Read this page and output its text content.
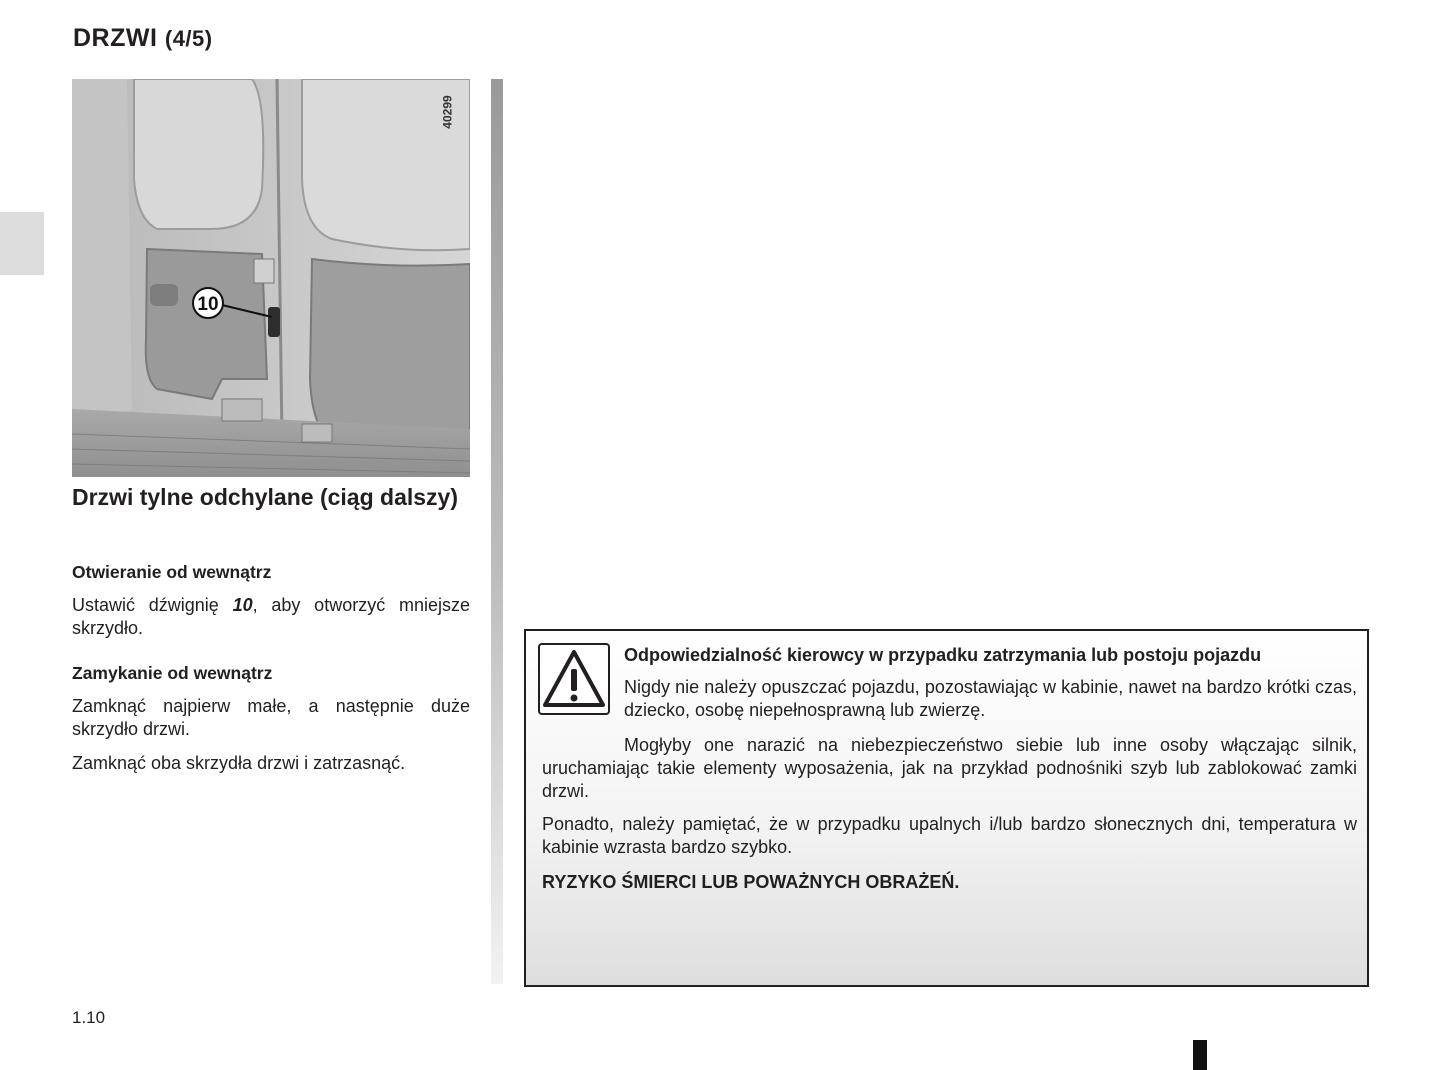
DRZWI (4/5)
10
40299
Drzwi tylne odchylane (ciąg dalszy)
Otwieranie od wewnątrz
Ustawić dźwignię 10, aby otworzyć mniejsze skrzydło.
Zamykanie od wewnątrz
Zamknąć najpierw małe, a następnie duże skrzydło drzwi.
Zamknąć oba skrzydła drzwi i zatrzasnąć.
Odpowiedzialność kierowcy w przypadku zatrzymania lub postoju pojazdu
Nigdy nie należy opuszczać pojazdu, pozostawiając w kabinie, nawet na bardzo krótki czas, dziecko, osobę niepełnosprawną lub zwierzę.
Mogłyby one narazić na niebezpieczeństwo siebie lub inne osoby włączając silnik, uruchamiając takie elementy wyposażenia, jak na przykład podnośniki szyb lub zablokować zamki drzwi.
Ponadto, należy pamiętać, że w przypadku upalnych i/lub bardzo słonecznych dni, temperatura w kabinie wzrasta bardzo szybko.
RYZYKO ŚMIERCI LUB POWAŻNYCH OBRAŻEŃ.
1.10
